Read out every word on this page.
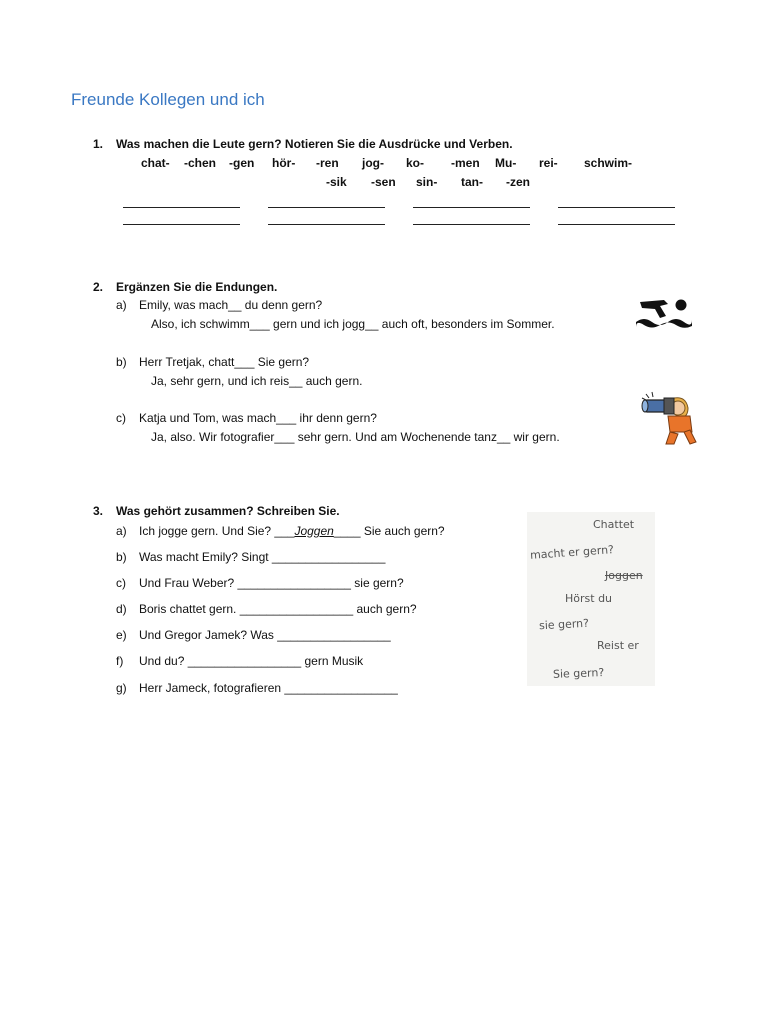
Freunde Kollegen und ich
1. Was machen die Leute gern? Notieren Sie die Ausdrücke und Verben.
chat- -chen -gen hör- -ren jog- ko- -men Mu- rei- schwim-
-sik -sen sin- tan- -zen
2. Ergänzen Sie die Endungen.
a) Emily, was mach__ du denn gern?
Also, ich schwimm___ gern und ich jogg__ auch oft, besonders im Sommer.
b) Herr Tretjak, chatt___ Sie gern?
Ja, sehr gern, und ich reis__ auch gern.
c) Katja und Tom, was mach___ ihr denn gern?
Ja, also. Wir fotografier___ sehr gern. Und am Wochenende tanz__ wir gern.
3. Was gehört zusammen? Schreiben Sie.
a) Ich jogge gern. Und Sie? ___Joggen____ Sie auch gern?
b) Was macht Emily? Singt _________________
c) Und Frau Weber? _________________ sie gern?
d) Boris chattet gern. _________________ auch gern?
e) Und Gregor Jamek? Was _________________
f) Und du? _________________ gern Musik
g) Herr Jameck, fotografieren _________________
Chattet
macht er gern?
Joggen
Hörst du
sie gern?
Reist er
Sie gern?
